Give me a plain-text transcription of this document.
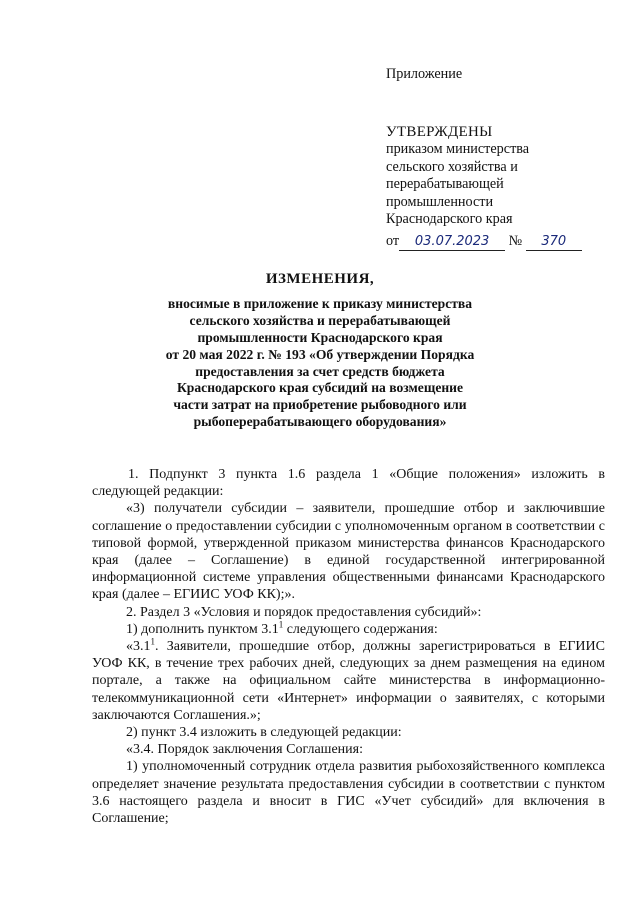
Приложение

УТВЕРЖДЕНЫ

приказом министерства

сельского хозяйства и

перерабатывающей

промышленности

Краснодарского края

от 03.07.2023 № 370

ИЗМЕНЕНИЯ,

вносимые в приложение к приказу министерства

сельского хозяйства и перерабатывающей

промышленности Краснодарского края

от 20 мая 2022 г. № 193 «Об утверждении Порядка

предоставления за счет средств бюджета

Краснодарского края субсидий на возмещение

части затрат на приобретение рыбоводного или

рыбоперерабатывающего оборудования»

1. Подпункт 3 пункта 1.6 раздела 1 «Общие положения» изложить в следующей редакции:

«3) получатели субсидии – заявители, прошедшие отбор и заключившие соглашение о предоставлении субсидии с уполномоченным органом в соответствии с типовой формой, утвержденной приказом министерства финансов Краснодарского края (далее – Соглашение) в единой государственной интегрированной информационной системе управления общественными финансами Краснодарского края (далее – ЕГИИС УОФ КК);».

2. Раздел 3 «Условия и порядок предоставления субсидий»:

1) дополнить пунктом $3.1^1$ следующего содержания:

«$3.1^1$. Заявители, прошедшие отбор, должны зарегистрироваться в ЕГИИС УОФ КК, в течение трех рабочих дней, следующих за днем размещения на едином портале, а также на официальном сайте министерства в информационно-телекоммуникационной сети «Интернет» информации о заявителях, с которыми заключаются Соглашения.»;

2) пункт 3.4 изложить в следующей редакции:

«3.4. Порядок заключения Соглашения:

1) уполномоченный сотрудник отдела развития рыбохозяйственного комплекса определяет значение результата предоставления субсидии в соответствии с пунктом 3.6 настоящего раздела и вносит в ГИС «Учет субсидий» для включения в Соглашение;
